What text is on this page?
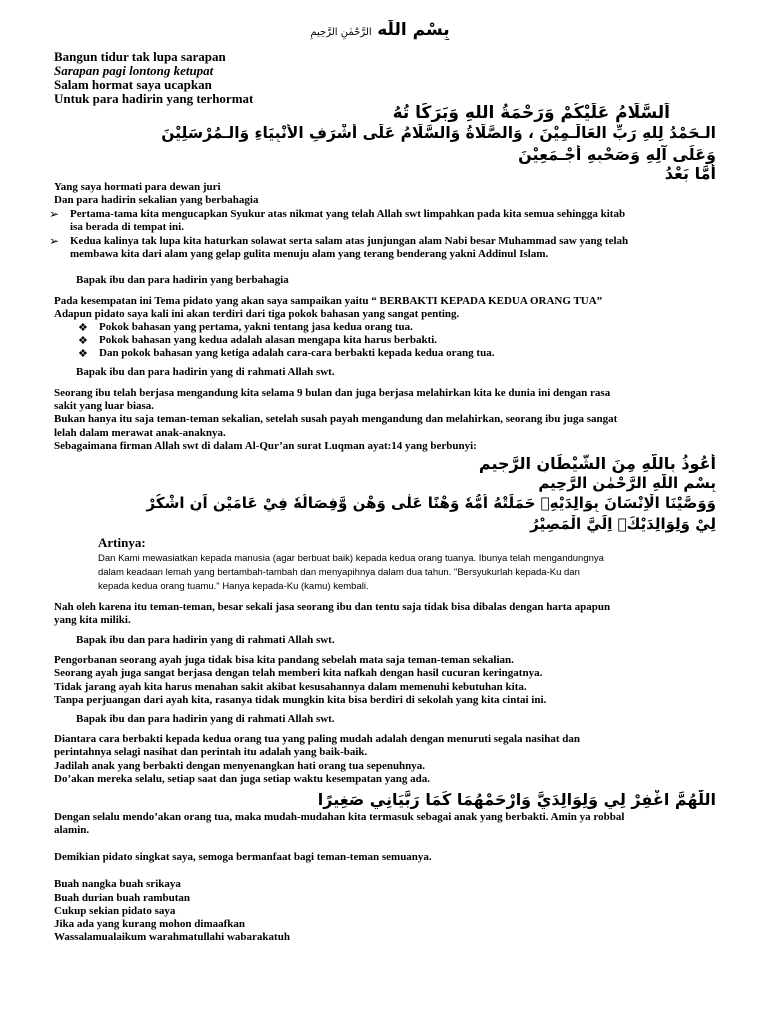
بِسْمِ اللّٰه الرَّحْمٰنِ الرَّحِيمِ
Bangun tidur tak lupa sarapan
Sarapan pagi lontong ketupat
Salam hormat saya ucapkan
Untuk para hadirin yang terhormat
اَلسَّلَامُ عَلَيْكُمْ وَرَحْمَةُ اللهِ وَبَرَكَا تُهُ
الـحَمْدُ لِلهِ رَبِّ العَالَـمِيْنَ ، وَالصَّلَاةُ وَالسَّلَامُ عَلَى أَشْرَفِ الأَنْبِيَاءِ وَالـمُرْسَلِيْنَ
وَعَلَى آلِهِ وَصَحْبِهِ أَجْـمَعِيْنَ
أَمَّا بَعْدُ
Yang saya hormati para dewan juri
Dan para hadirin sekalian yang berbahagia
➢ Pertama-tama kita mengucapkan Syukur atas nikmat yang telah Allah swt limpahkan pada kita semua sehingga kitab
isa berada di tempat ini.
➢ Kedua kalinya tak lupa kita haturkan solawat serta salam atas junjungan alam Nabi besar Muhammad saw yang telah
membawa kita dari alam yang gelap gulita menuju alam yang terang benderang yakni Addinul Islam.
Bapak ibu dan para hadirin yang berbahagia
Pada kesempatan ini Tema pidato yang akan saya sampaikan yaitu “ BERBAKTI KEPADA KEDUA ORANG TUA”
Adapun pidato saya kali ini akan terdiri dari tiga pokok bahasan yang sangat penting.
❖ Pokok bahasan yang pertama, yakni tentang jasa kedua orang tua.
❖ Pokok bahasan yang kedua adalah alasan mengapa kita harus berbakti.
❖ Dan pokok bahasan yang ketiga adalah cara-cara berbakti kepada kedua orang tua.
Bapak ibu dan para hadirin yang di rahmati Allah swt.
Seorang ibu telah berjasa mengandung kita selama 9 bulan dan juga berjasa melahirkan kita ke dunia ini dengan rasa
sakit yang luar biasa.
Bukan hanya itu saja teman-teman sekalian, setelah susah payah mengandung dan melahirkan, seorang ibu juga sangat
lelah dalam merawat anak-anaknya.
Sebagaimana firman Allah swt di dalam Al-Qur’an surat Luqman ayat:14 yang berbunyi:
أَعُوذُ بِاللَّهِ مِنَ الشَّيْطَانِ الرَّجِيمِ
بِسْمِ اللّٰهِ الرَّحْمٰنِ الرَّحِيمِ
وَوَصَّيْنَا الْاِنْسَانَ بِوَالِدَيْهِۚ حَمَلَتْهُ اُمُّهٗ وَهْنًا عَلٰى وَهْنٍ وَّفِصَالُهٗ فِيْ عَامَيْنِ اَنِ اشْكُرْ
لِيْ وَلِوَالِدَيْكَۗ اِلَيَّ الْمَصِيْرُ
Artinya:
Dan Kami mewasiatkan kepada manusia (agar berbuat baik) kepada kedua orang tuanya. Ibunya telah mengandungnya
dalam keadaan lemah yang bertambah-tambah dan menyapihnya dalam dua tahun. "Bersyukurlah kepada-Ku dan
kepada kedua orang tuamu." Hanya kepada-Ku (kamu) kembali.
Nah oleh karena itu teman-teman, besar sekali jasa seorang ibu dan tentu saja tidak bisa dibalas dengan harta apapun
yang kita miliki.
Bapak ibu dan para hadirin yang di rahmati Allah swt.
Pengorbanan seorang ayah juga tidak bisa kita pandang sebelah mata saja teman-teman sekalian.
Seorang ayah juga sangat berjasa dengan telah memberi kita nafkah dengan hasil cucuran keringatnya.
Tidak jarang ayah kita harus menahan sakit akibat kesusahannya dalam memenuhi kebutuhan kita.
Tanpa perjuangan dari ayah kita, rasanya tidak mungkin kita bisa berdiri di sekolah yang kita cintai ini.
Bapak ibu dan para hadirin yang di rahmati Allah swt.
Diantara cara berbakti kepada kedua orang tua yang paling mudah adalah dengan menuruti segala nasihat dan
perintahnya selagi nasihat dan perintah itu adalah yang baik-baik.
Jadilah anak yang berbakti dengan menyenangkan hati orang tua sepenuhnya.
Do’akan mereka selalu, setiap saat dan juga setiap waktu kesempatan yang ada.
اللّٰهُمَّ اغْفِرْ لِي وَلِوَالِدَيَّ وَارْحَمْهُمَا كَمَا رَبَّيَانِي صَغِيرًا
Dengan selalu mendo’akan orang tua, maka mudah-mudahan kita termasuk sebagai anak yang berbakti. Amin ya robbal
alamin.
Demikian pidato singkat saya, semoga bermanfaat bagi teman-teman semuanya.
Buah nangka buah srikaya
Buah durian buah rambutan
Cukup sekian pidato saya
Jika ada yang kurang mohon dimaafkan
Wassalamualaikum warahmatullahi wabarakatuh
